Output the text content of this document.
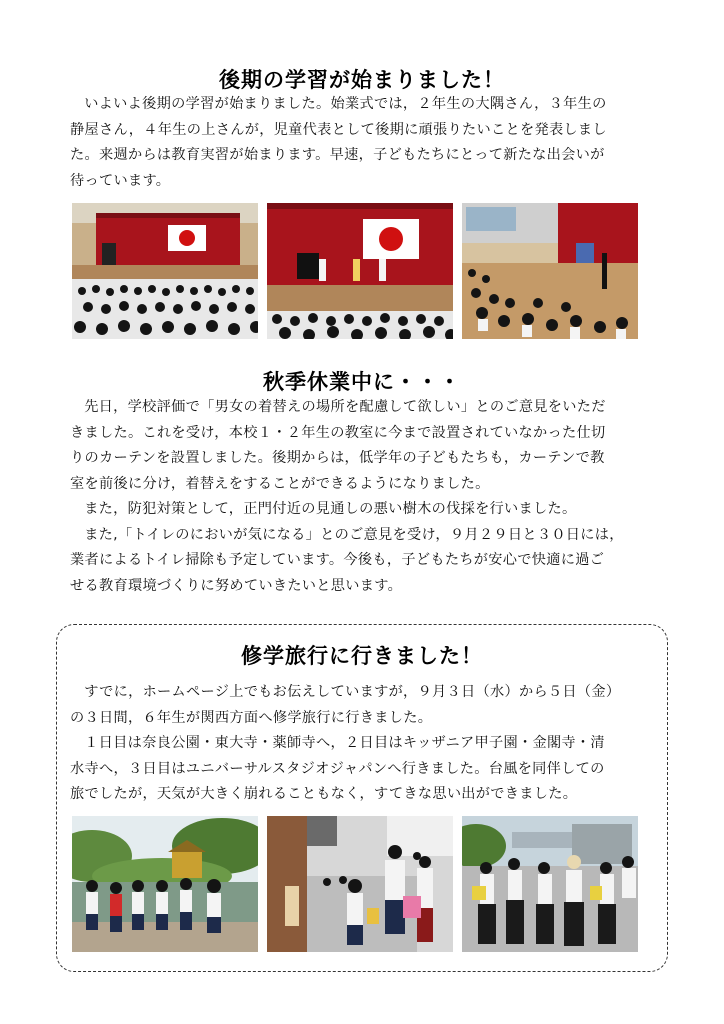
後期の学習が始まりました！

いよいよ後期の学習が始まりました。始業式では，２年生の大隅さん，３年生の

静屋さん，４年生の上さんが，児童代表として後期に頑張りたいことを発表しまし

た。来週からは教育実習が始まります。早速，子どもたちにとって新たな出会いが

待っています。

秋季休業中に・・・

先日，学校評価で「男女の着替えの場所を配慮して欲しい」とのご意見をいただ

きました。これを受け，本校１・２年生の教室に今まで設置されていなかった仕切

りのカーテンを設置しました。後期からは，低学年の子どもたちも，カーテンで教

室を前後に分け，着替えをすることができるようになりました。

また，防犯対策として，正門付近の見通しの悪い樹木の伐採を行いました。

また,「トイレのにおいが気になる」とのご意見を受け，９月２９日と３０日には，

業者によるトイレ掃除も予定しています。今後も，子どもたちが安心で快適に過ご

せる教育環境づくりに努めていきたいと思います。

修学旅行に行きました！

すでに，ホームページ上でもお伝えしていますが，９月３日（水）から５日（金）

の３日間，６年生が関西方面へ修学旅行に行きました。

１日目は奈良公園・東大寺・薬師寺へ，２日目はキッザニア甲子園・金閣寺・清

水寺へ，３日目はユニバーサルスタジオジャパンへ行きました。台風を同伴しての

旅でしたが，天気が大きく崩れることもなく，すてきな思い出ができました。
